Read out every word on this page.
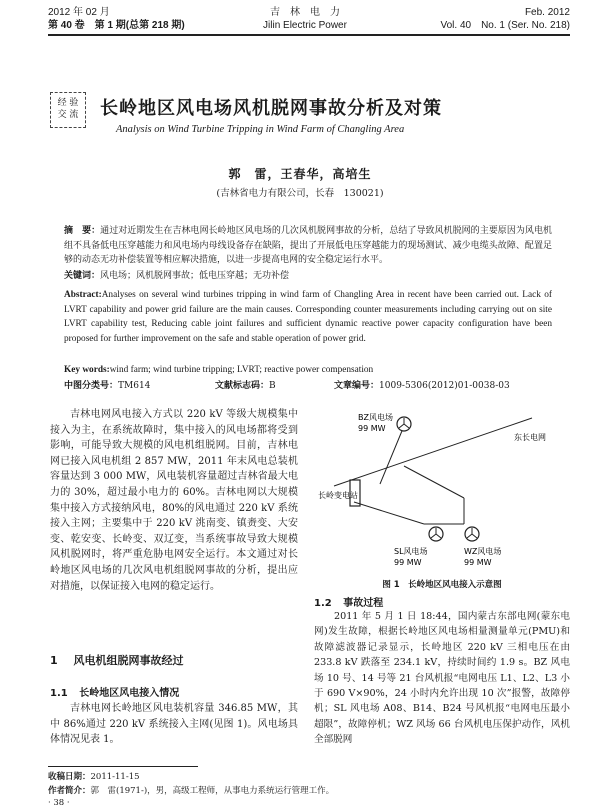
2012 年 02 月
第 40 卷　第 1 期(总第 218 期)
吉　林　电　力
Jilin Electric Power
Feb. 2012
Vol. 40　No. 1 (Ser. No. 218)
经 验
交 流	长岭地区风电场风机脱网事故分析及对策
Analysis on Wind Turbine Tripping in Wind Farm of Changling Area
郭　雷，王春华，高培生
(吉林省电力有限公司，长春　130021)
摘　要：通过对近期发生在吉林电网长岭地区风电场的几次风机脱网事故的分析，总结了导致风机脱网的主要原因为风电机组不具备低电压穿越能力和风电场内母线设备存在缺陷，提出了开展低电压穿越能力的现场测试、减少电缆头故障、配置足够的动态无功补偿装置等相应解决措施，以进一步提高电网的安全稳定运行水平。
关键词：风电场；风机脱网事故；低电压穿越；无功补偿
Abstract:Analyses on several wind turbines tripping in wind farm of Changling Area in recent have been carried out. Lack of LVRT capability and power grid failure are the main causes. Corresponding counter measurements including carrying out on site LVRT capability test, Reducing cable joint failures and sufficient dynamic reactive power capacity configuration have been proposed for further improvement on the safe and stable operation of power grid.
Key words:wind farm; wind turbine tripping; LVRT; reactive power compensation
中图分类号：TM614	文献标志码：B	文章编号：1009-5306(2012)01-0038-03
吉林电网风电接入方式以 220 kV 等级大规模集中接入为主，在系统故障时，集中接入的风电场都将受到影响，可能导致大规模的风电机组脱网。目前，吉林电网已接入风电机组 2 857 MW，2011 年末风电总装机容量达到 3 000 MW，风电装机容量超过吉林省最大电力的 30%，超过最小电力的 60%。吉林电网以大规模集中接入方式接纳风电，80%的风电通过 220 kV 系统接入主网；主要集中于 220 kV 洮南变、镇赉变、大安变、乾安变、长岭变、双辽变，当系统事故导致大规模风机脱网时，将严重危胁电网安全运行。本文通过对长岭地区风电场的几次风电机组脱网事故的分析，提出应对措施，以保证接入电网的稳定运行。
1 风电机组脱网事故经过
1.1 长岭地区风电接入情况
吉林电网长岭地区风电装机容量 346.85 MW，其中 86%通过 220 kV 系统接入主网(见图 1)。风电场具体情况见表 1。
BZ风电场
99 MW
东长电网
长岭变电站
SL风电场
99 MW
WZ风电场
99 MW
图 1　长岭地区风电接入示意图
1.2 事故过程
2011 年 5 月 1 日 18:44，国内蒙古东部电网(蒙东电网)发生故障，根据长岭地区风电场相量测量单元(PMU)和故障滤波器记录显示，长岭地区 220 kV 三相电压在由 233.8 kV 跌落至 234.1 kV，持续时间约 1.9 s。BZ 风电场 10 号、14 号等 21 台风机报“电网电压 L1、L2、L3 小于 690 V×90%，24 小时内允许出现 10 次”报警，故障停机；SL 风电场 A08、B14、B24 号风机报“电网电压最小超限”，故障停机；WZ 风场 66 台风机电压保护动作，风机全部脱网
收稿日期：2011-11-15
作者简介：郭　雷(1971-)，男，高级工程师，从事电力系统运行管理工作。
· 38 ·
